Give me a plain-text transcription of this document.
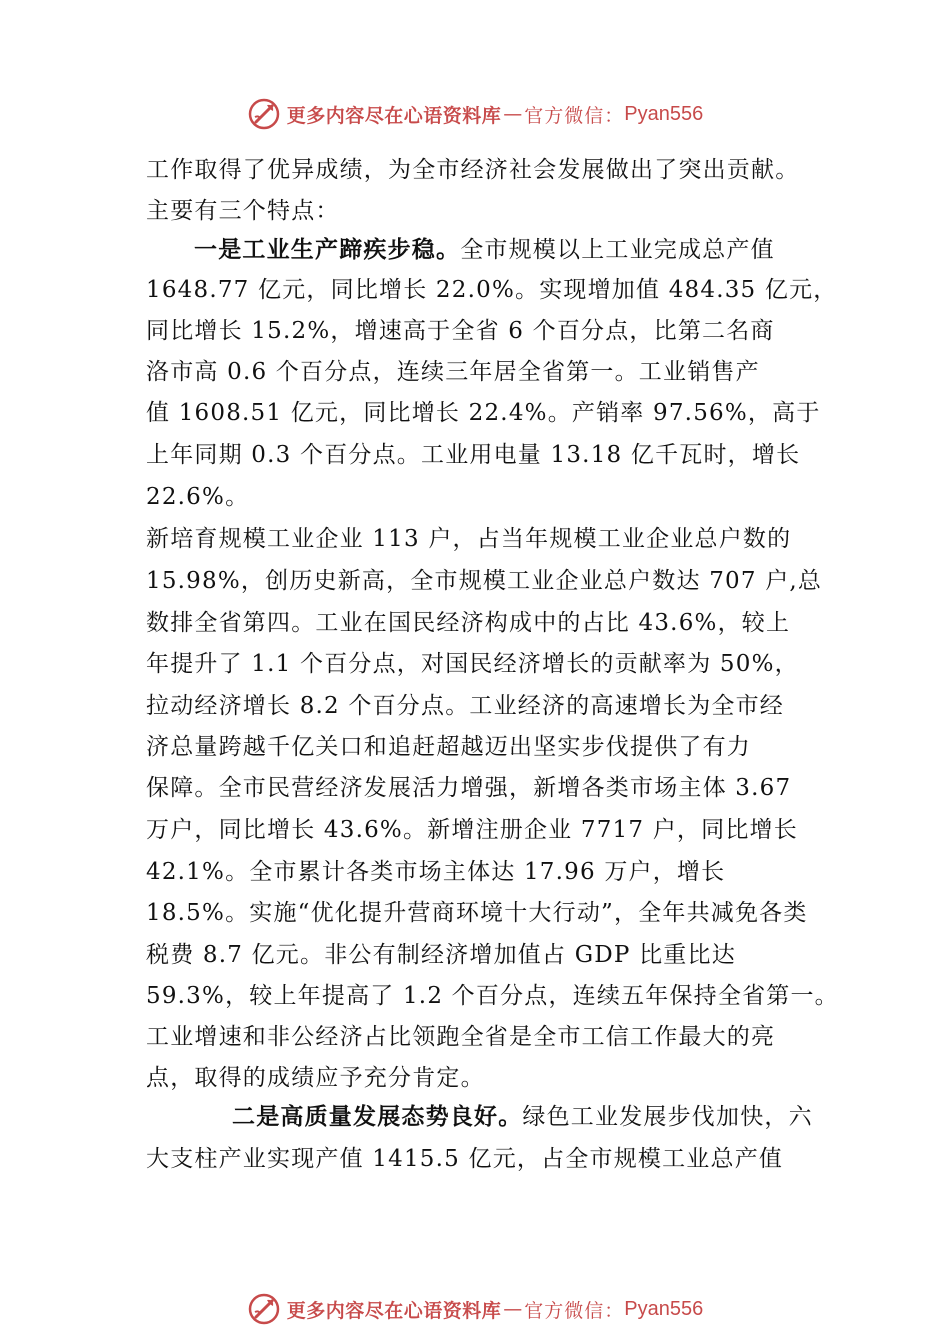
更多内容尽在心语资料库 — 官方微信： Pyan556
工作取得了优异成绩，为全市经济社会发展做出了突出贡献。
主要有三个特点：
一是工业生产蹄疾步稳。全市规模以上工业完成总产值
1648.77 亿元，同比增长 22.0%。实现增加值 484.35 亿元，
同比增长 15.2%，增速高于全省 6 个百分点，比第二名商
洛市高 0.6 个百分点，连续三年居全省第一。工业销售产
值 1608.51 亿元，同比增长 22.4%。产销率 97.56%，高于
上年同期 0.3 个百分点。工业用电量 13.18 亿千瓦时，增长
22.6%。
新培育规模工业企业 113 户，占当年规模工业企业总户数的
15.98%，创历史新高，全市规模工业企业总户数达 707 户,总
数排全省第四。工业在国民经济构成中的占比 43.6%，较上
年提升了 1.1 个百分点，对国民经济增长的贡献率为 50%，
拉动经济增长 8.2 个百分点。工业经济的高速增长为全市经
济总量跨越千亿关口和追赶超越迈出坚实步伐提供了有力
保障。全市民营经济发展活力增强，新增各类市场主体 3.67
万户，同比增长 43.6%。新增注册企业 7717 户，同比增长
42.1%。全市累计各类市场主体达 17.96 万户，增长
18.5%。实施“优化提升营商环境十大行动”，全年共减免各类
税费 8.7 亿元。非公有制经济增加值占 GDP 比重比达
59.3%，较上年提高了 1.2 个百分点，连续五年保持全省第一。
工业增速和非公经济占比领跑全省是全市工信工作最大的亮
点，取得的成绩应予充分肯定。
二是高质量发展态势良好。绿色工业发展步伐加快，六
大支柱产业实现产值 1415.5 亿元，占全市规模工业总产值
更多内容尽在心语资料库 — 官方微信： Pyan556
